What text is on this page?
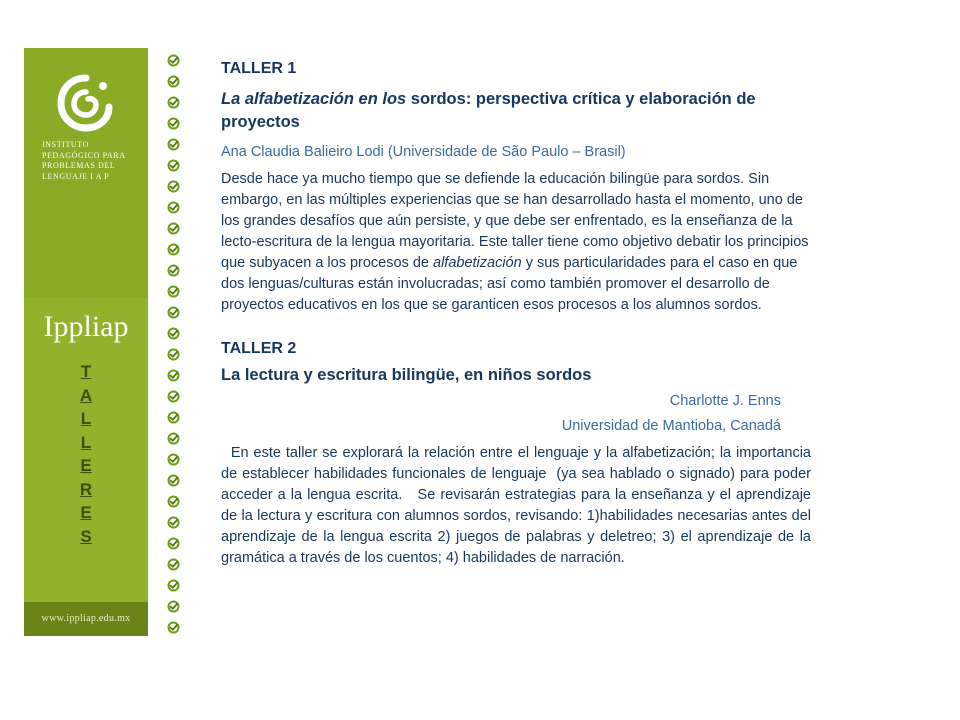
INSTITUTO
PEDAGÓGICO PARA
PROBLEMAS DEL
LENGUAJE I A P
Ippliap
T
A
L
L
E
R
E
S
www.ippliap.edu.mx

TALLER 1

La alfabetización en los sordos: perspectiva crítica y elaboración de proyectos

Ana Claudia Balieiro Lodi (Universidade de São Paulo – Brasil)

Desde hace ya mucho tiempo que se defiende la educación bilingüe para sordos. Sin embargo, en las múltiples experiencias que se han desarrollado hasta el momento, uno de los grandes desafíos que aún persiste, y que debe ser enfrentado, es la enseñanza de la lecto-escritura de la lengua mayoritaria. Este taller tiene como objetivo debatir los principios que subyacen a los procesos de alfabetización y sus particularidades para el caso en que dos lenguas/culturas están involucradas; así como también promover el desarrollo de proyectos educativos en los que se garanticen esos procesos a los alumnos sordos.

TALLER 2

La lectura y escritura bilingüe, en niños sordos

Charlotte J. Enns

Universidad de Mantioba, Canadá

En este taller se explorará la relación entre el lenguaje y la alfabetización; la importancia  de establecer habilidades funcionales de lenguaje  (ya sea hablado o signado) para poder acceder a la lengua escrita.   Se revisarán estrategias para la enseñanza y el aprendizaje de la lectura y escritura con alumnos sordos, revisando: 1)habilidades necesarias antes del aprendizaje de la lengua escrita 2) juegos de palabras y deletreo; 3) el aprendizaje de la gramática a través de los cuentos; 4) habilidades de narración.
